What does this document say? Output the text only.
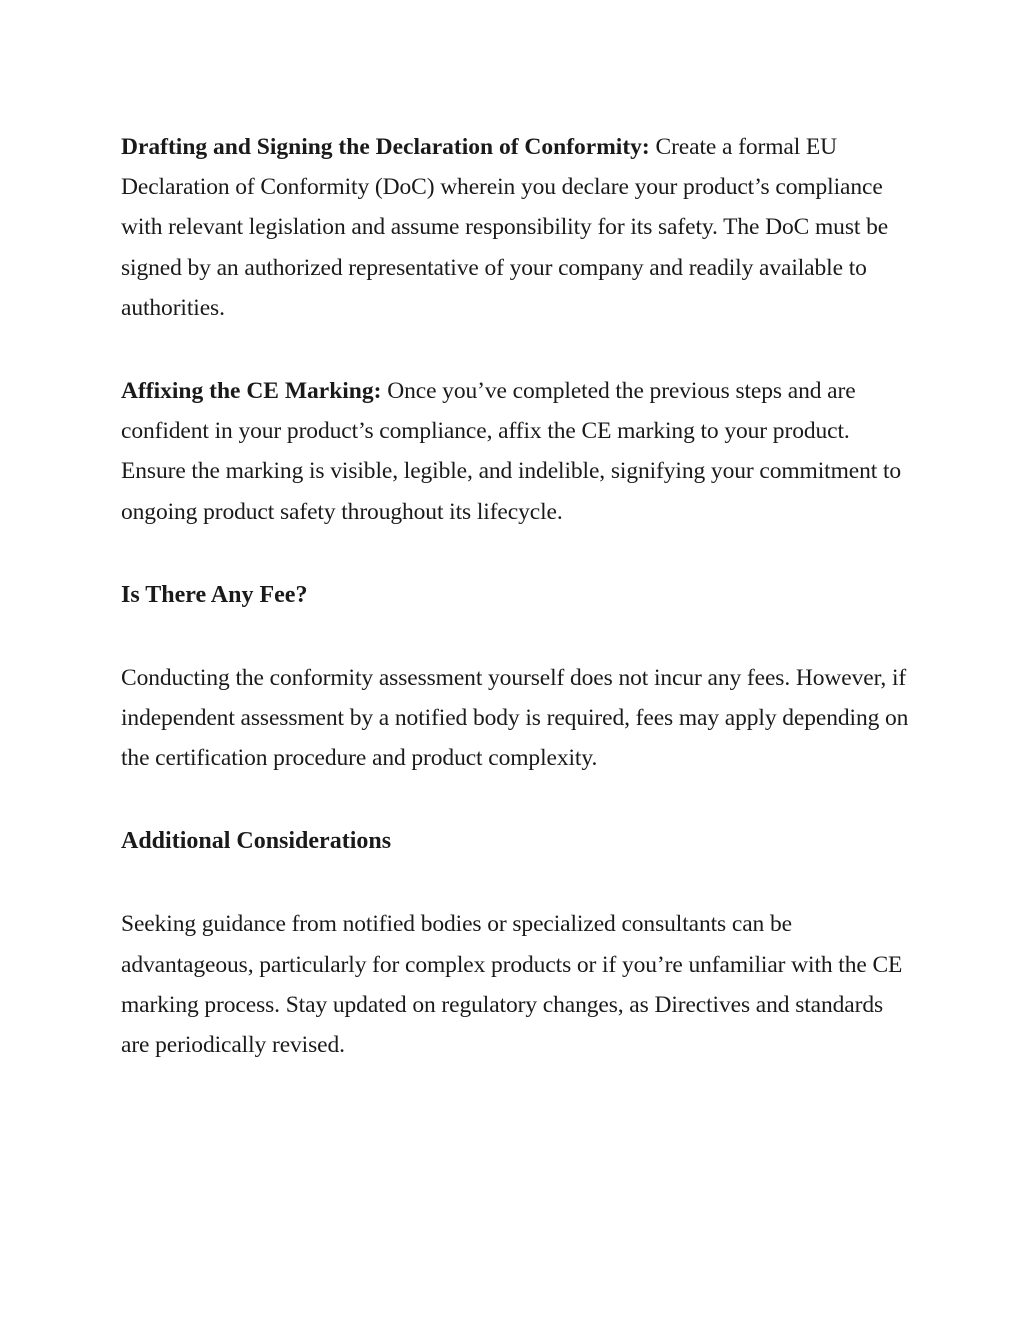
Drafting and Signing the Declaration of Conformity: Create a formal EU Declaration of Conformity (DoC) wherein you declare your product’s compliance with relevant legislation and assume responsibility for its safety. The DoC must be signed by an authorized representative of your company and readily available to authorities.

Affixing the CE Marking: Once you’ve completed the previous steps and are confident in your product’s compliance, affix the CE marking to your product. Ensure the marking is visible, legible, and indelible, signifying your commitment to ongoing product safety throughout its lifecycle.

Is There Any Fee?

Conducting the conformity assessment yourself does not incur any fees. However, if independent assessment by a notified body is required, fees may apply depending on the certification procedure and product complexity.

Additional Considerations

Seeking guidance from notified bodies or specialized consultants can be advantageous, particularly for complex products or if you’re unfamiliar with the CE marking process. Stay updated on regulatory changes, as Directives and standards are periodically revised.
